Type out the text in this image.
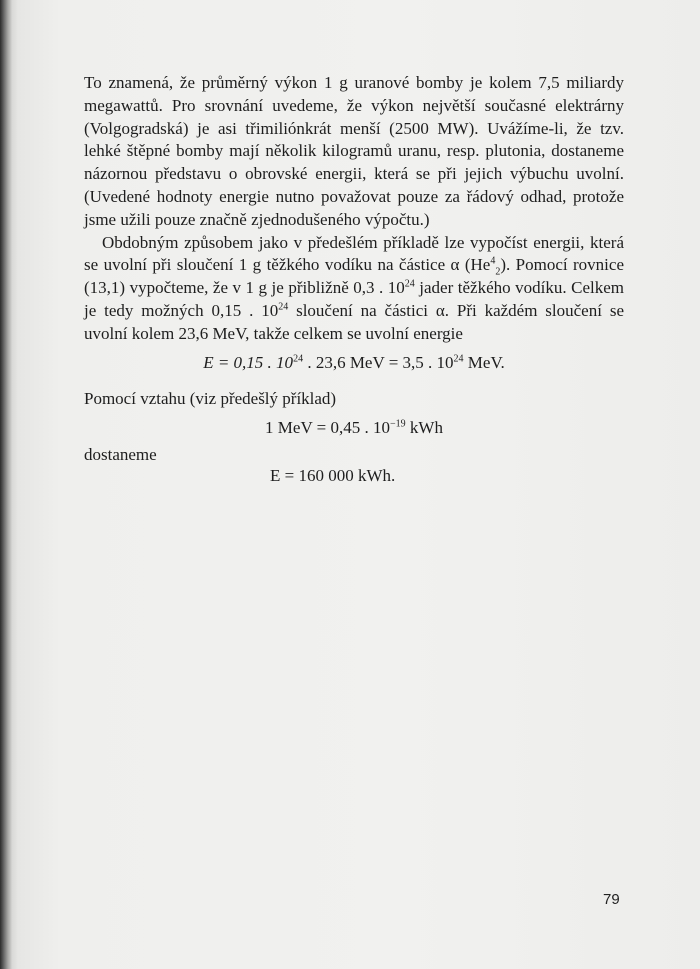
To znamená, že průměrný výkon 1 g uranové bomby je kolem 7,5 miliardy megawattů. Pro srovnání uvedeme, že výkon největší současné elektrárny (Volgogradská) je asi třimiliónkrát menší (2500 MW). Uvážíme-li, že tzv. lehké štěpné bomby mají několik kilogramů uranu, resp. plutonia, dostaneme názornou představu o obrovské energii, která se při jejich výbuchu uvolní. (Uvedené hodnoty energie nutno považovat pouze za řádový odhad, protože jsme užili pouze značně zjednodušeného výpočtu.)

Obdobným způsobem jako v předešlém příkladě lze vypočíst energii, která se uvolní při sloučení 1 g těžkého vodíku na částice α $(He^4_2)$. Pomocí rovnice (13,1) vypočteme, že v 1 g je přibližně 0,3 . $10^{24}$ jader těžkého vodíku. Celkem je tedy možných 0,15 . $10^{24}$ sloučení na částici α. Při každém sloučení se uvolní kolem 23,6 MeV, takže celkem se uvolní energie

E = 0,15 . $10^{24}$ . 23,6 MeV = 3,5 . $10^{24}$ MeV.

Pomocí vztahu (viz předešlý příklad)

1 MeV = 0,45 . $10^{-19}$ kWh

dostaneme

E = 160 000 kWh.

79
